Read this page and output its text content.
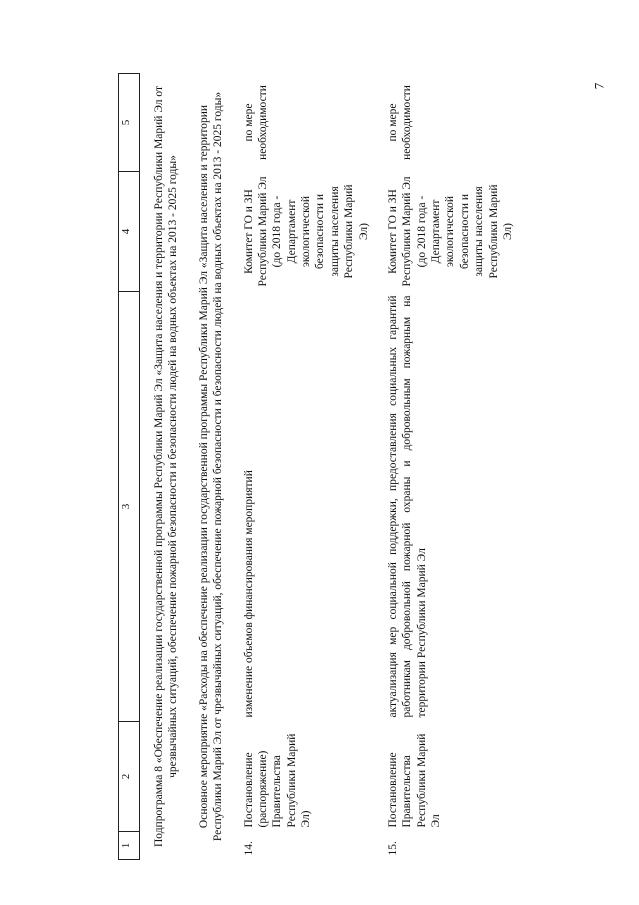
7
1	2	3	4	5
Подпрограмма 8 «Обеспечение реализации государственной программы Республики Марий Эл «Защита населения и территории Республики Марий Эл от чрезвычайных ситуаций, обеспечение пожарной безопасности и безопасности людей на водных объектах на 2013 - 2025 годы»				
Основное мероприятие «Расходы на обеспечение реализации государственной программы Республики Марий Эл «Защита населения и территории Республики Марий Эл от чрезвычайных ситуаций, обеспечение пожарной безопасности и безопасности людей на водных объектах на 2013 - 2025 годы»				
14.	Постановление (распоряжение) Правительства Республики Марий Эл)	изменение объемов финансирования мероприятий	Комитет ГО и ЗН Республики Марий Эл (до 2018 года - Департамент экологической безопасности и защиты населения Республики Марий Эл)	по мере необходимости
15.	Постановление Правительства Республики Марий Эл	актуализация мер социальной поддержки, предоставления социальных гарантий работникам добровольной пожарной охраны и добровольным пожарным на территории Республики Марий Эл	Комитет ГО и ЗН Республики Марий Эл (до 2018 года - Департамент экологической безопасности и защиты населения Республики Марий Эл)	по мере необходимости
